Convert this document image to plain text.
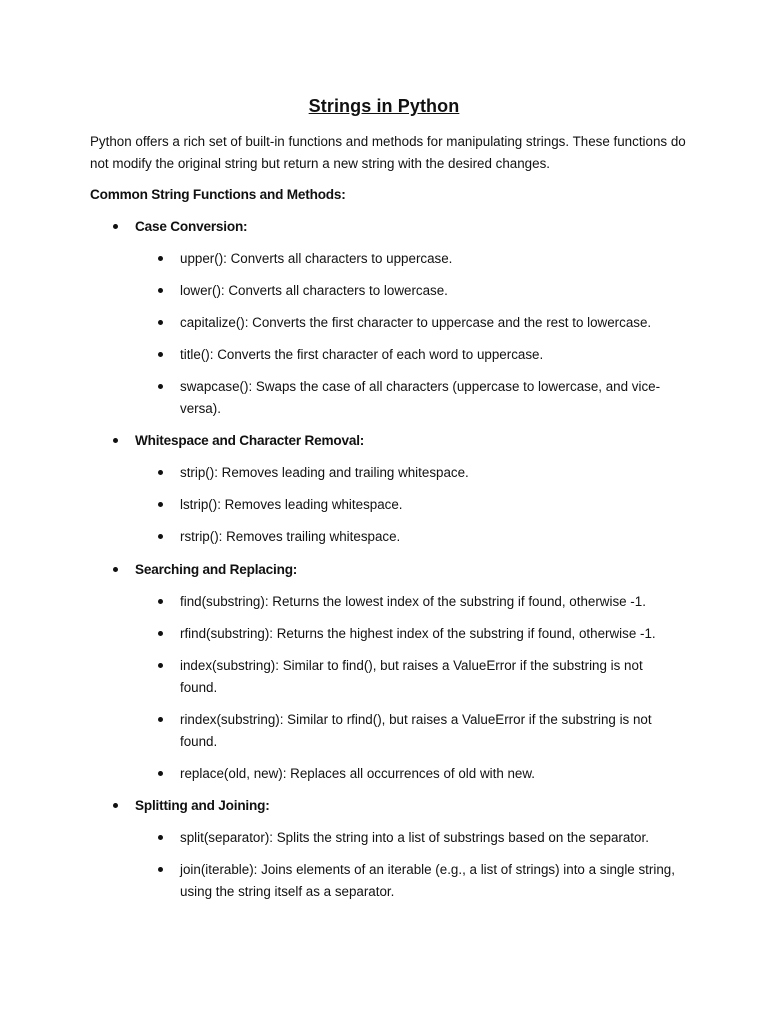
Strings in Python
Python offers a rich set of built-in functions and methods for manipulating strings. These functions do not modify the original string but return a new string with the desired changes.
Common String Functions and Methods:
Case Conversion:
upper(): Converts all characters to uppercase.
lower(): Converts all characters to lowercase.
capitalize(): Converts the first character to uppercase and the rest to lowercase.
title(): Converts the first character of each word to uppercase.
swapcase(): Swaps the case of all characters (uppercase to lowercase, and vice-versa).
Whitespace and Character Removal:
strip(): Removes leading and trailing whitespace.
lstrip(): Removes leading whitespace.
rstrip(): Removes trailing whitespace.
Searching and Replacing:
find(substring): Returns the lowest index of the substring if found, otherwise -1.
rfind(substring): Returns the highest index of the substring if found, otherwise -1.
index(substring): Similar to find(), but raises a ValueError if the substring is not found.
rindex(substring): Similar to rfind(), but raises a ValueError if the substring is not found.
replace(old, new): Replaces all occurrences of old with new.
Splitting and Joining:
split(separator): Splits the string into a list of substrings based on the separator.
join(iterable): Joins elements of an iterable (e.g., a list of strings) into a single string, using the string itself as a separator.
